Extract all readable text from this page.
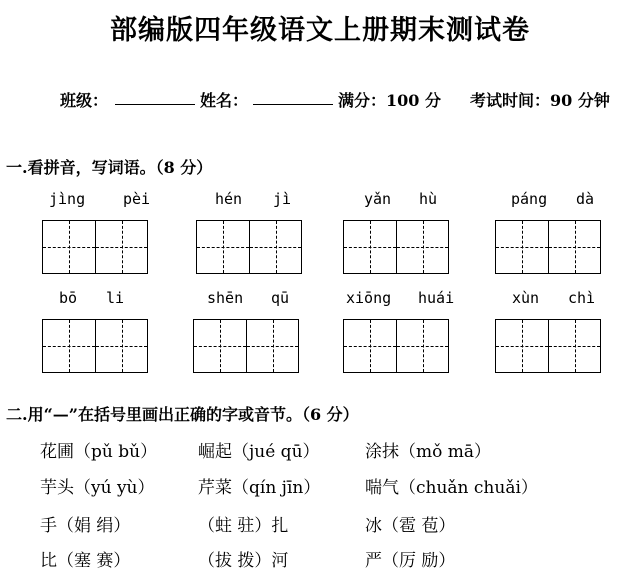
部编版四年级语文上册期末测试卷
班级：	姓名：	满分：100 分 考试时间：90 分钟
一.看拼音，写词语。（8 分）
jìng	pèi	hén jì	yǎn hù	páng dà
bō li	shēn qū	xiōng huái	xùn chì
二.用“—”在括号里画出正确的字或音节。（6 分）
花圃（pǔ bǔ） 崛起（jué qū）	涂抹（mǒ mā）
芋头（yú yù）	芹菜（qín jīn）	喘气（chuǎn chuǎi）
手（娟 绢）	（蛀 驻）扎	冰（雹 苞）
比（塞 赛）	（拔 拨）河	严（厉 励）
